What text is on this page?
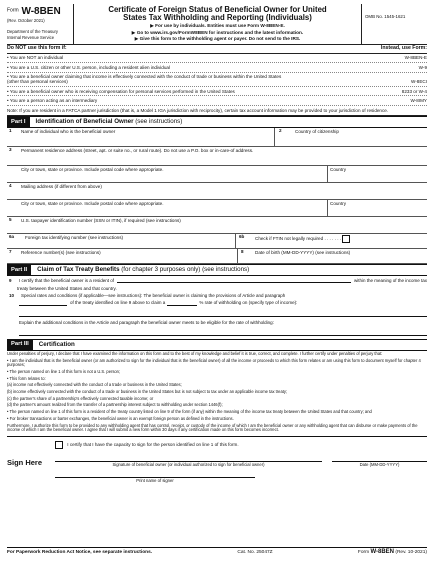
Form W-8BEN
(Rev. October 2021)
Department of the Treasury
Internal Revenue Service
Certificate of Foreign Status of Beneficial Owner for United
States Tax Withholding and Reporting (Individuals)
▶ For use by individuals. Entities must use Form W-8BEN-E.
▶ Go to www.irs.gov/FormW8BEN for instructions and the latest information.
▶ Give this form to the withholding agent or payer. Do not send to the IRS.
OMB No. 1545-1621
Do NOT use this form if:	Instead, use Form:
• You are NOT an individual	W-8BEN-E
• You are a U.S. citizen or other U.S. person, including a resident alien individual	W-9
• You are a beneficial owner claiming that income is effectively connected with the conduct of trade or business within the United States
(other than personal services)	W-8ECI
• You are a beneficial owner who is receiving compensation for personal services performed in the United States	8233 or W-4
• You are a person acting as an intermediary	W-8IMY
Note: If you are resident in a FATCA partner jurisdiction (that is, a Model 1 IGA jurisdiction with reciprocity), certain tax account information may be provided to your jurisdiction of residence.
Part I	Identification of Beneficial Owner (see instructions)
1	Name of individual who is the beneficial owner	2	Country of citizenship
3	Permanent residence address (street, apt. or suite no., or rural route). Do not use a P.O. box or in-care-of address.
City or town, state or province. Include postal code where appropriate.	Country
4	Mailing address (if different from above)
City or town, state or province. Include postal code where appropriate.	Country
5	U.S. taxpayer identification number (SSN or ITIN), if required (see instructions)
6a	Foreign tax identifying number (see instructions)	6b	Check if FTIN not legally required . . . . . . .
7	Reference number(s) (see instructions)	8	Date of birth (MM-DD-YYYY) (see instructions)
Part II	Claim of Tax Treaty Benefits (for chapter 3 purposes only) (see instructions)
9	I certify that the beneficial owner is a resident of	within the meaning of the income tax
treaty between the United States and that country.
10	Special rates and conditions (if applicable—see instructions): The beneficial owner is claiming the provisions of Article and paragraph
of the treaty identified on line 9 above to claim a	% rate of withholding on (specify type of income):
Explain the additional conditions in the Article and paragraph the beneficial owner meets to be eligible for the rate of withholding:
Part III	Certification
Under penalties of perjury, I declare that I have examined the information on this form and to the best of my knowledge and belief it is true, correct, and complete. I further certify under penalties of perjury that:
• I am the individual that is the beneficial owner (or am authorized to sign for the individual that is the beneficial owner) of all the income or proceeds to which this form relates or am using this form to document myself for chapter 4 purposes;
• The person named on line 1 of this form is not a U.S. person;
• This form relates to:
(a) income not effectively connected with the conduct of a trade or business in the United States;
(b) income effectively connected with the conduct of a trade or business in the United States but is not subject to tax under an applicable income tax treaty;
(c) the partner's share of a partnership's effectively connected taxable income; or
(d) the partner's amount realized from the transfer of a partnership interest subject to withholding under section 1446(f);
• The person named on line 1 of this form is a resident of the treaty country listed on line 9 of the form (if any) within the meaning of the income tax treaty between the United States and that country; and
• For broker transactions or barter exchanges, the beneficial owner is an exempt foreign person as defined in the instructions.
Furthermore, I authorize this form to be provided to any withholding agent that has control, receipt, or custody of the income of which I am the beneficial owner or any withholding agent that can disburse or make payments of the income of which I am the beneficial owner. I agree that I will submit a new form within 30 days if any certification made on this form becomes incorrect.
Sign Here
I certify that I have the capacity to sign for the person identified on line 1 of this form.
Signature of beneficial owner (or individual authorized to sign for beneficial owner)	Date (MM-DD-YYYY)
Print name of signer
For Paperwork Reduction Act Notice, see separate instructions.	Cat. No. 25047Z	Form W-8BEN (Rev. 10-2021)
